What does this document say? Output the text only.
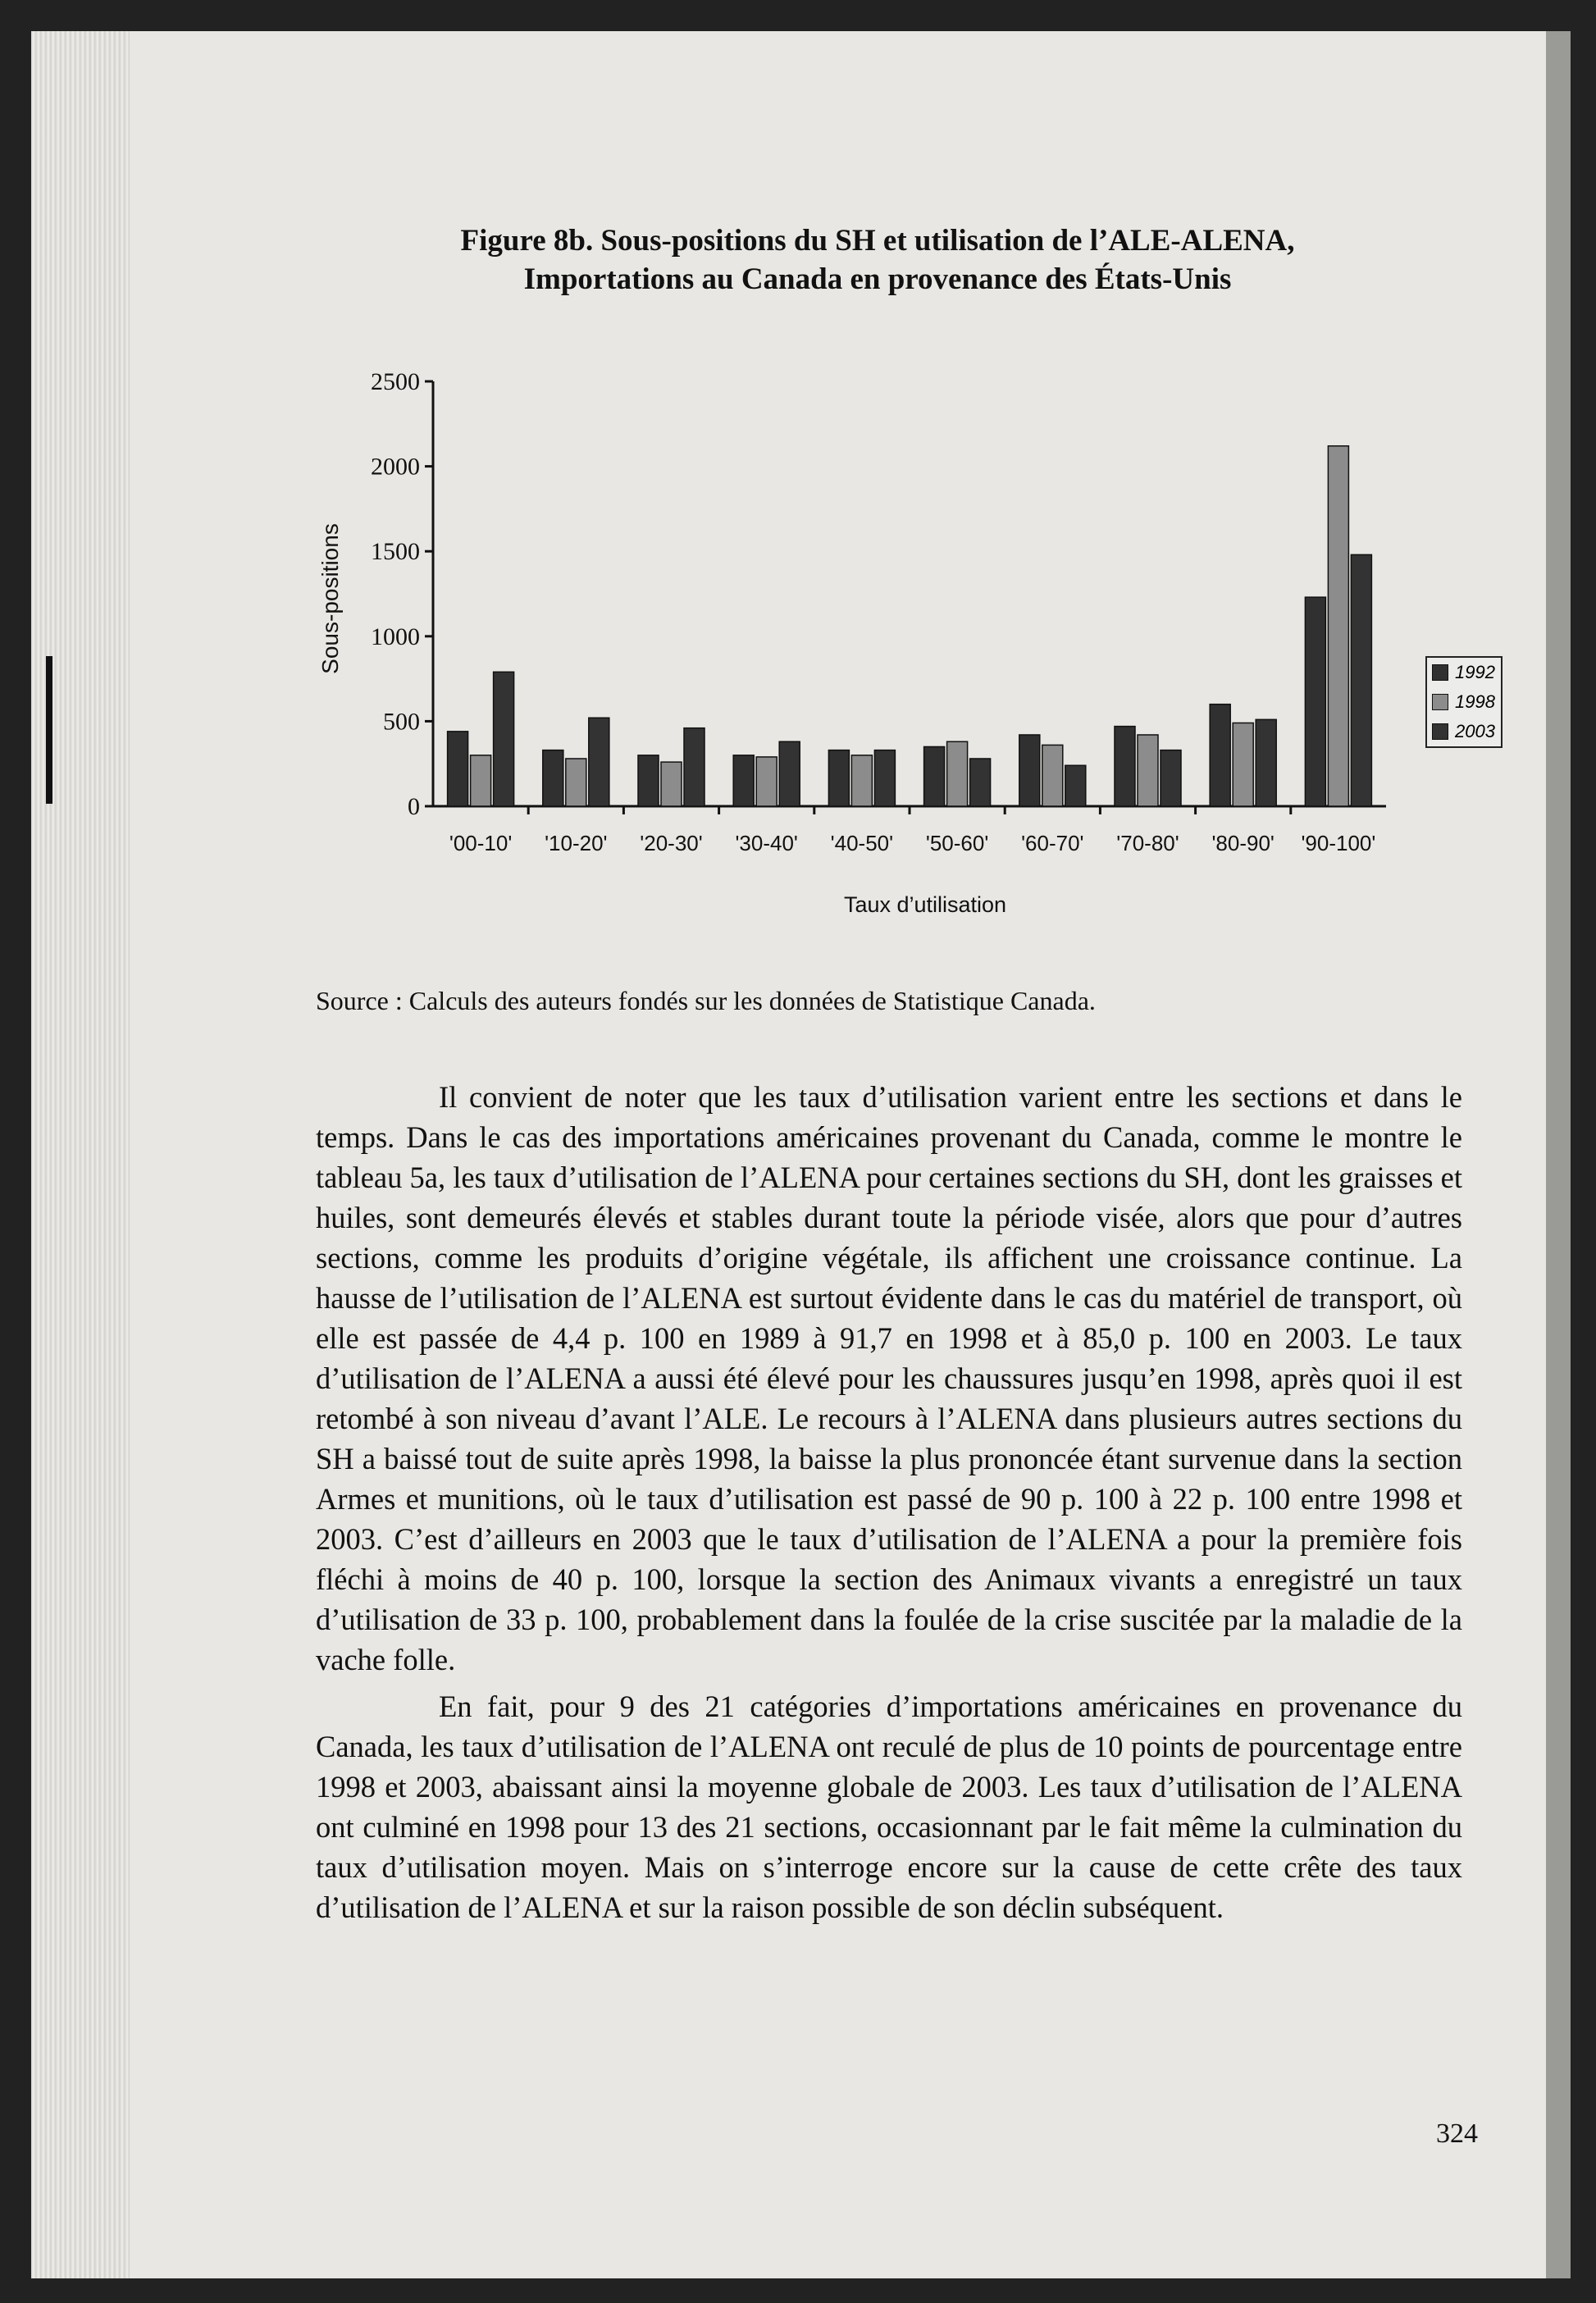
Figure 8b. Sous-positions du SH et utilisation de l’ALE-ALENA,
Importations au Canada en provenance des États-Unis
0
500
1000
1500
2000
2500
'00-10' '10-20' '20-30' '30-40' '40-50' '50-60' '60-70' '70-80' '80-90' '90-100'
Sous-positions
Taux d’utilisation
1992
1998
2003
Source : Calculs des auteurs fondés sur les données de Statistique Canada.

Il convient de noter que les taux d’utilisation varient entre les sections et dans le temps. Dans le cas des importations américaines provenant du Canada, comme le montre le tableau 5a, les taux d’utilisation de l’ALENA pour certaines sections du SH, dont les graisses et huiles, sont demeurés élevés et stables durant toute la période visée, alors que pour d’autres sections, comme les produits d’origine végétale, ils affichent une croissance continue. La hausse de l’utilisation de l’ALENA est surtout évidente dans le cas du matériel de transport, où elle est passée de 4,4 p. 100 en 1989 à 91,7 en 1998 et à 85,0 p. 100 en 2003. Le taux d’utilisation de l’ALENA a aussi été élevé pour les chaussures jusqu’en 1998, après quoi il est retombé à son niveau d’avant l’ALE. Le recours à l’ALENA dans plusieurs autres sections du SH a baissé tout de suite après 1998, la baisse la plus prononcée étant survenue dans la section Armes et munitions, où le taux d’utilisation est passé de 90 p. 100 à 22 p. 100 entre 1998 et 2003. C’est d’ailleurs en 2003 que le taux d’utilisation de l’ALENA a pour la première fois fléchi à moins de 40 p. 100, lorsque la section des Animaux vivants a enregistré un taux d’utilisation de 33 p. 100, probablement dans la foulée de la crise suscitée par la maladie de la vache folle.

En fait, pour 9 des 21 catégories d’importations américaines en provenance du Canada, les taux d’utilisation de l’ALENA ont reculé de plus de 10 points de pourcentage entre 1998 et 2003, abaissant ainsi la moyenne globale de 2003. Les taux d’utilisation de l’ALENA ont culminé en 1998 pour 13 des 21 sections, occasionnant par le fait même la culmination du taux d’utilisation moyen. Mais on s’interroge encore sur la cause de cette crête des taux d’utilisation de l’ALENA et sur la raison possible de son déclin subséquent.

324
